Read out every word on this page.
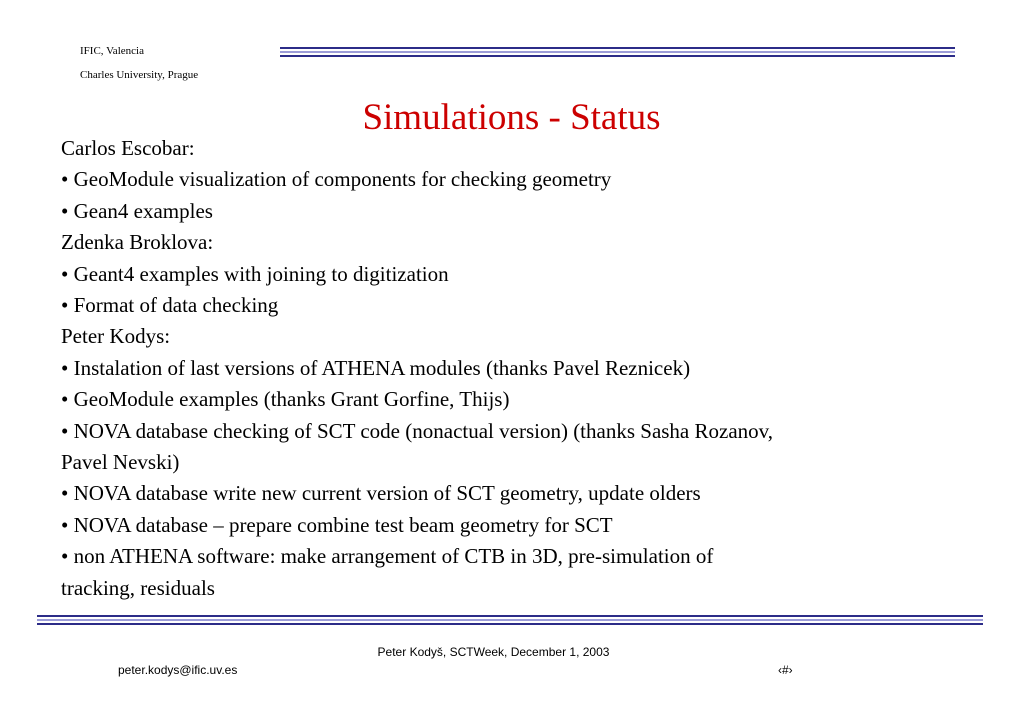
IFIC, Valencia
Charles University, Prague
Simulations - Status
Carlos Escobar:
• GeoModule visualization of components for checking geometry
• Gean4 examples
Zdenka Broklova:
• Geant4 examples with joining to digitization
• Format of data checking
Peter Kodys:
• Instalation of last versions of ATHENA modules (thanks Pavel Reznicek)
• GeoModule examples (thanks Grant Gorfine, Thijs)
• NOVA database checking of SCT code (nonactual version) (thanks Sasha Rozanov,
Pavel Nevski)
• NOVA database write new current version of SCT geometry, update olders
• NOVA database – prepare combine test beam geometry for SCT
• non ATHENA software: make arrangement of CTB in 3D, pre-simulation of
tracking, residuals
Peter Kodyš, SCTWeek, December 1, 2003
peter.kodys@ific.uv.es	‹#›
